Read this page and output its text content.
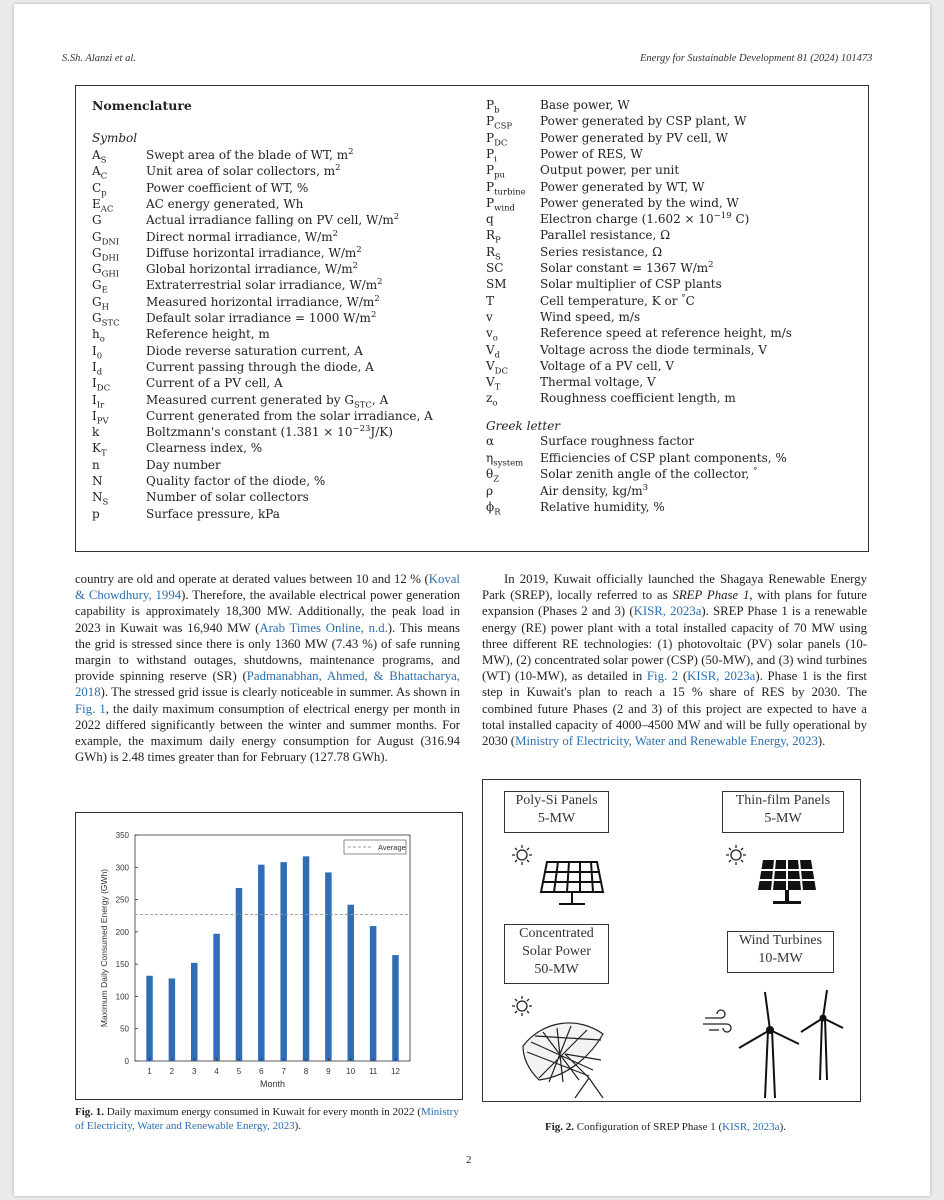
S.Sh. Alanzi et al.	Energy for Sustainable Development 81 (2024) 101473
Nomenclature
Symbol
Greek letter
$A_S$	Swept area of the blade of WT, $m^2$
$A_C$	Unit area of solar collectors, $m^2$
$C_p$	Power coefficient of WT, %
$E_{AC}$	AC energy generated, Wh
G	Actual irradiance falling on PV cell, $W/m^2$
$G_{DNI}$ Direct normal irradiance, $W/m^2$
$G_{DHI}$ Diffuse horizontal irradiance, $W/m^2$
$G_{GHI}$ Global horizontal irradiance, $W/m^2$
$G_E$	Extraterrestrial solar irradiance, $W/m^2$
$G_H$	Measured horizontal irradiance, $W/m^2$
$G_{STC}$ Default solar irradiance = 1000 $W/m^2$
$h_o$	Reference height, m
$I_0$	Diode reverse saturation current, A
$I_d$	Current passing through the diode, A
$I_{DC}$	Current of a PV cell, A
$I_{Ir}$	Measured current generated by $G_{STC}$, A
$I_{PV}$	Current generated from the solar irradiance, A
k	Boltzmann's constant $(1.381 \times 10^{-23}J/K)$
$K_T$	Clearness index, %
n	Day number
N	Quality factor of the diode, %
$N_S$	Number of solar collectors
p	Surface pressure, kPa
$P_b$	Base power, W
$P_{CSP}$ Power generated by CSP plant, W
$P_{DC}$	Power generated by PV cell, W
$P_i$	Power of RES, W
$P_{pu}$	Output power, per unit
$P_{turbine}$ Power generated by WT, W
$P_{wind}$ Power generated by the wind, W
q	Electron charge ($1.602 \times 10^{-19}$ C)
$R_P$	Parallel resistance, Ω
$R_S$	Series resistance, Ω
SC	Solar constant = 1367 $W/m^2$
SM	Solar multiplier of CSP plants
T	Cell temperature, K or °C
v	Wind speed, m/s
$v_o$	Reference speed at reference height, m/s
$V_d$	Voltage across the diode terminals, V
$V_{DC}$	Voltage of a PV cell, V
$V_T$	Thermal voltage, V
$z_o$	Roughness coefficient length, m
α	Surface roughness factor
$\eta_{system}$ Efficiencies of CSP plant components, %
$\theta_Z$	Solar zenith angle of the collector, °
ρ	Air density, $kg/m^3$
$\phi_R$	Relative humidity, %

country are old and operate at derated values between 10 and 12 % (Koval & Chowdhury, 1994). Therefore, the available electrical power generation capability is approximately 18,300 MW. Additionally, the peak load in 2023 in Kuwait was 16,940 MW (Arab Times Online, n.d.). This means the grid is stressed since there is only 1360 MW (7.43 %) of safe running margin to withstand outages, shutdowns, maintenance programs, and provide spinning reserve (SR) (Padmanabhan, Ahmed, & Bhattacharya, 2018). The stressed grid issue is clearly noticeable in summer. As shown in Fig. 1, the daily maximum consumption of electrical energy per month in 2022 differed significantly between the winter and summer months. For example, the maximum daily energy consumption for August (316.94 GWh) is 2.48 times greater than for February (127.78 GWh).

In 2019, Kuwait officially launched the Shagaya Renewable Energy Park (SREP), locally referred to as SREP Phase 1, with plans for future expansion (Phases 2 and 3) (KISR, 2023a). SREP Phase 1 is a renewable energy (RE) power plant with a total installed capacity of 70 MW using three different RE technologies: (1) photovoltaic (PV) solar panels (10-MW), (2) concentrated solar power (CSP) (50-MW), and (3) wind turbines (WT) (10-MW), as detailed in Fig. 2 (KISR, 2023a). Phase 1 is the first step in Kuwait's plan to reach a 15 % share of RES by 2030. The combined future Phases (2 and 3) of this project are expected to have a total installed capacity of 4000–4500 MW and will be fully operational by 2030 (Ministry of Electricity, Water and Renewable Energy, 2023).

0
50
100
150
200
250
300
350
1 2 3 4 5 6 7 8 9 10 11 12
Average
Month
Maximum Daily Consumed Energy (GWh)
Fig. 1. Daily maximum energy consumed in Kuwait for every month in 2022 (Ministry of Electricity, Water and Renewable Energy, 2023).
Poly-Si Panels
5-MW
Thin-film Panels
5-MW
Concentrated
Solar Power
50-MW
Wind Turbines
10-MW
Fig. 2. Configuration of SREP Phase 1 (KISR, 2023a).
2
